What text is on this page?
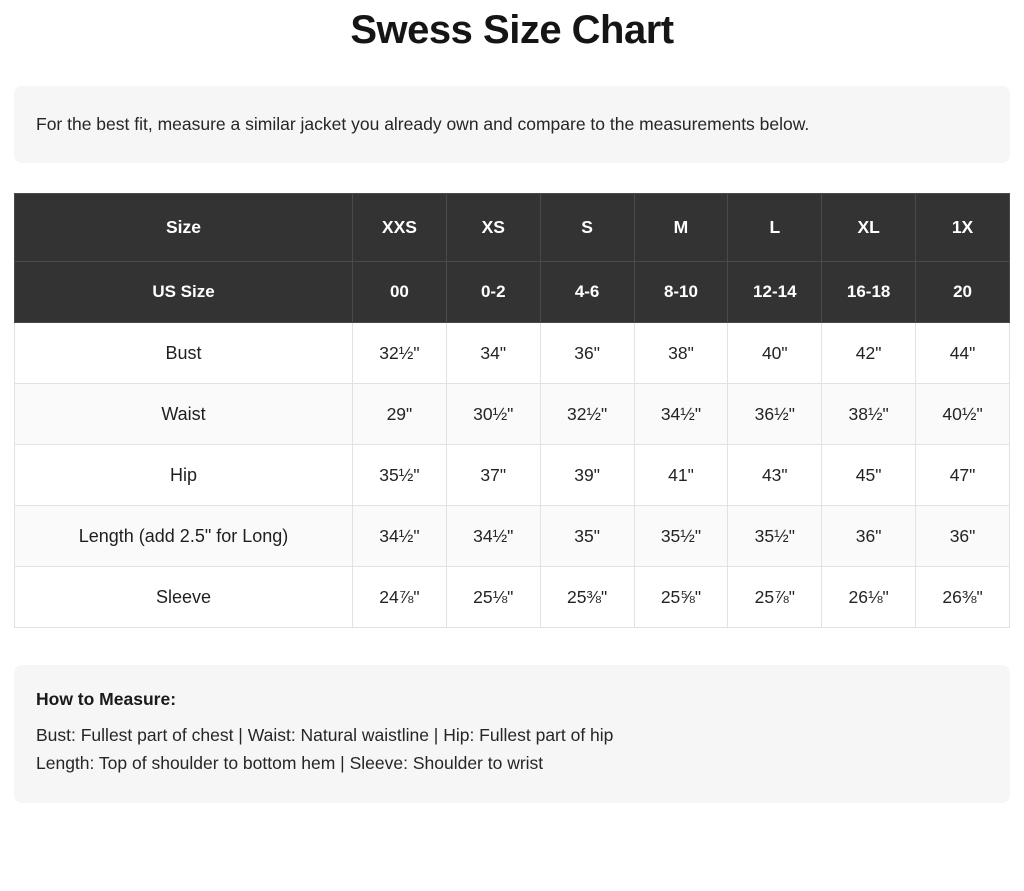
Swess Size Chart
For the best fit, measure a similar jacket you already own and compare to the measurements below.
Size	XXS	XS	S	M	L	XL	1X
US Size	00	0-2	4-6	8-10	12-14	16-18	20
Bust	32½"	34"	36"	38"	40"	42"	44"
Waist	29"	30½"	32½"	34½"	36½"	38½"	40½"
Hip	35½"	37"	39"	41"	43"	45"	47"
Length (add 2.5" for Long)	34½"	34½"	35"	35½"	35½"	36"	36"
Sleeve	24⅞"	25⅛"	25⅜"	25⅝"	25⅞"	26⅛"	26⅜"
How to Measure:
Bust: Fullest part of chest | Waist: Natural waistline | Hip: Fullest part of hip
Length: Top of shoulder to bottom hem | Sleeve: Shoulder to wrist
